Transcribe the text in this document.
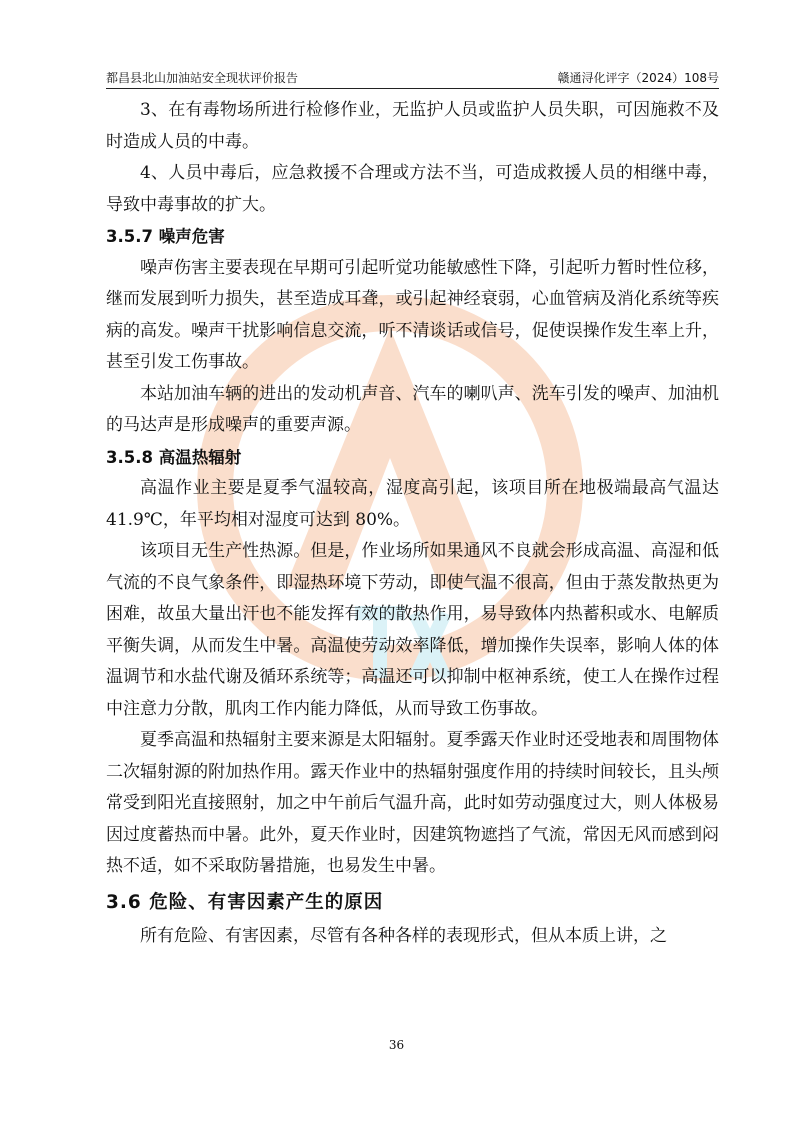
都昌县北山加油站安全现状评价报告	赣通浔化评字（2024）108号

3、在有毒物场所进行检修作业，无监护人员或监护人员失职，可因施救不及时造成人员的中毒。

4、人员中毒后，应急救援不合理或方法不当，可造成救援人员的相继中毒，导致中毒事故的扩大。

3.5.7 噪声危害

噪声伤害主要表现在早期可引起听觉功能敏感性下降，引起听力暂时性位移，继而发展到听力损失，甚至造成耳聋，或引起神经衰弱，心血管病及消化系统等疾病的高发。噪声干扰影响信息交流，听不清谈话或信号，促使误操作发生率上升，甚至引发工伤事故。

本站加油车辆的进出的发动机声音、汽车的喇叭声、洗车引发的噪声、加油机的马达声是形成噪声的重要声源。

3.5.8 高温热辐射

高温作业主要是夏季气温较高，湿度高引起，该项目所在地极端最高气温达 41.9℃，年平均相对湿度可达到 80%。

该项目无生产性热源。但是，作业场所如果通风不良就会形成高温、高湿和低气流的不良气象条件，即湿热环境下劳动，即使气温不很高，但由于蒸发散热更为困难，故虽大量出汗也不能发挥有效的散热作用，易导致体内热蓄积或水、电解质平衡失调，从而发生中暑。高温使劳动效率降低，增加操作失误率，影响人体的体温调节和水盐代谢及循环系统等；高温还可以抑制中枢神系统，使工人在操作过程中注意力分散，肌肉工作内能力降低，从而导致工伤事故。

夏季高温和热辐射主要来源是太阳辐射。夏季露天作业时还受地表和周围物体二次辐射源的附加热作用。露天作业中的热辐射强度作用的持续时间较长，且头颅常受到阳光直接照射，加之中午前后气温升高，此时如劳动强度过大，则人体极易因过度蓄热而中暑。此外，夏天作业时，因建筑物遮挡了气流，常因无风而感到闷热不适，如不采取防暑措施，也易发生中暑。

3.6 危险、有害因素产生的原因

所有危险、有害因素，尽管有各种各样的表现形式，但从本质上讲，之

36
